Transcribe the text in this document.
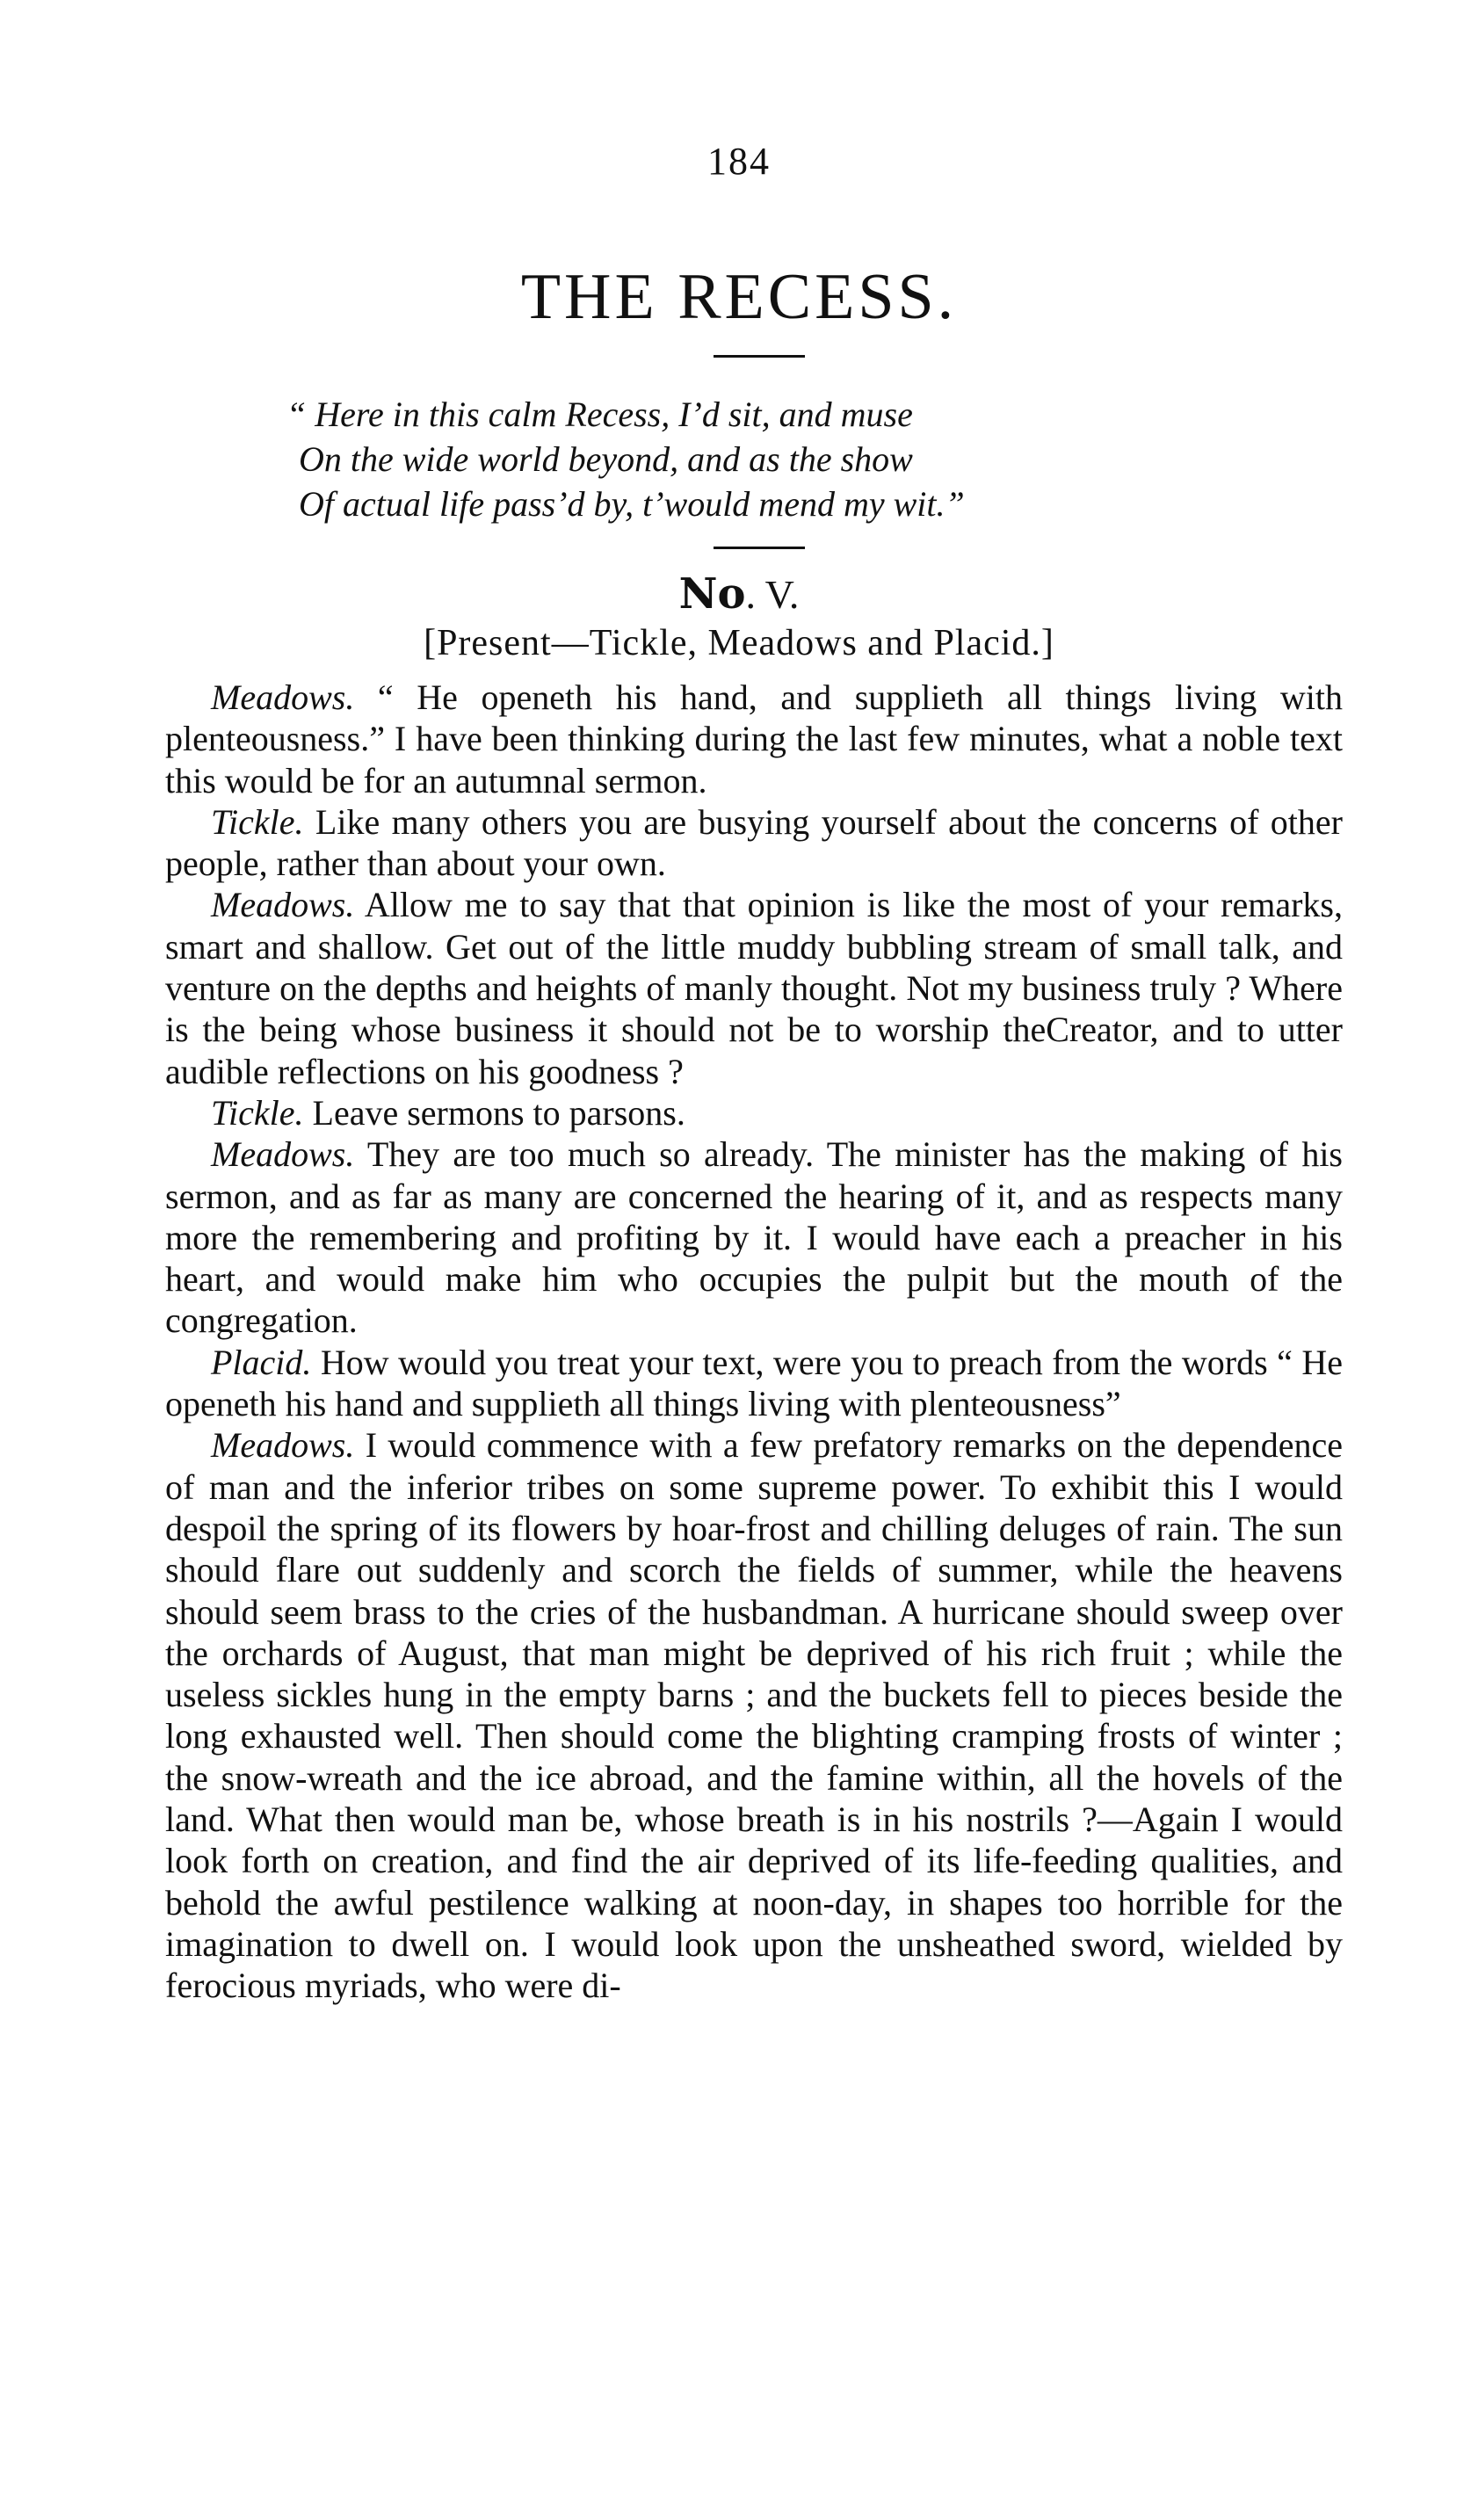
184
THE RECESS.
“ Here in this calm Recess, I’d sit, and muse
On the wide world beyond, and as the show
Of actual life pass’d by, t’would mend my wit.”
No. V.
[Present—Tickle, Meadows and Placid.]

Meadows. “ He openeth his hand, and supplieth all things living with plenteousness.” I have been thinking during the last few minutes, what a noble text this would be for an autumnal sermon.

Tickle. Like many others you are busying yourself about the concerns of other people, rather than about your own.

Meadows. Allow me to say that that opinion is like the most of your remarks, smart and shallow. Get out of the little muddy bubbling stream of small talk, and venture on the depths and heights of manly thought. Not my business truly ? Where is the being whose business it should not be to worship theCreator, and to utter audible reflections on his goodness ?

Tickle. Leave sermons to parsons.

Meadows. They are too much so already. The minister has the making of his sermon, and as far as many are concerned the hearing of it, and as respects many more the remembering and profiting by it. I would have each a preacher in his heart, and would make him who occupies the pulpit but the mouth of the congregation.

Placid. How would you treat your text, were you to preach from the words “ He openeth his hand and supplieth all things living with plenteousness”

Meadows. I would commence with a few prefatory remarks on the dependence of man and the inferior tribes on some supreme power. To exhibit this I would despoil the spring of its flowers by hoar-frost and chilling deluges of rain. The sun should flare out suddenly and scorch the fields of summer, while the heavens should seem brass to the cries of the husbandman. A hurricane should sweep over the orchards of August, that man might be deprived of his rich fruit ; while the useless sickles hung in the empty barns ; and the buckets fell to pieces beside the long exhausted well. Then should come the blighting cramping frosts of winter ; the snow-wreath and the ice abroad, and the famine within, all the hovels of the land. What then would man be, whose breath is in his nostrils ?—Again I would look forth on creation, and find the air deprived of its life-feeding qualities, and behold the awful pestilence walking at noon-day, in shapes too horrible for the imagination to dwell on. I would look upon the unsheathed sword, wielded by ferocious myriads, who were di-
